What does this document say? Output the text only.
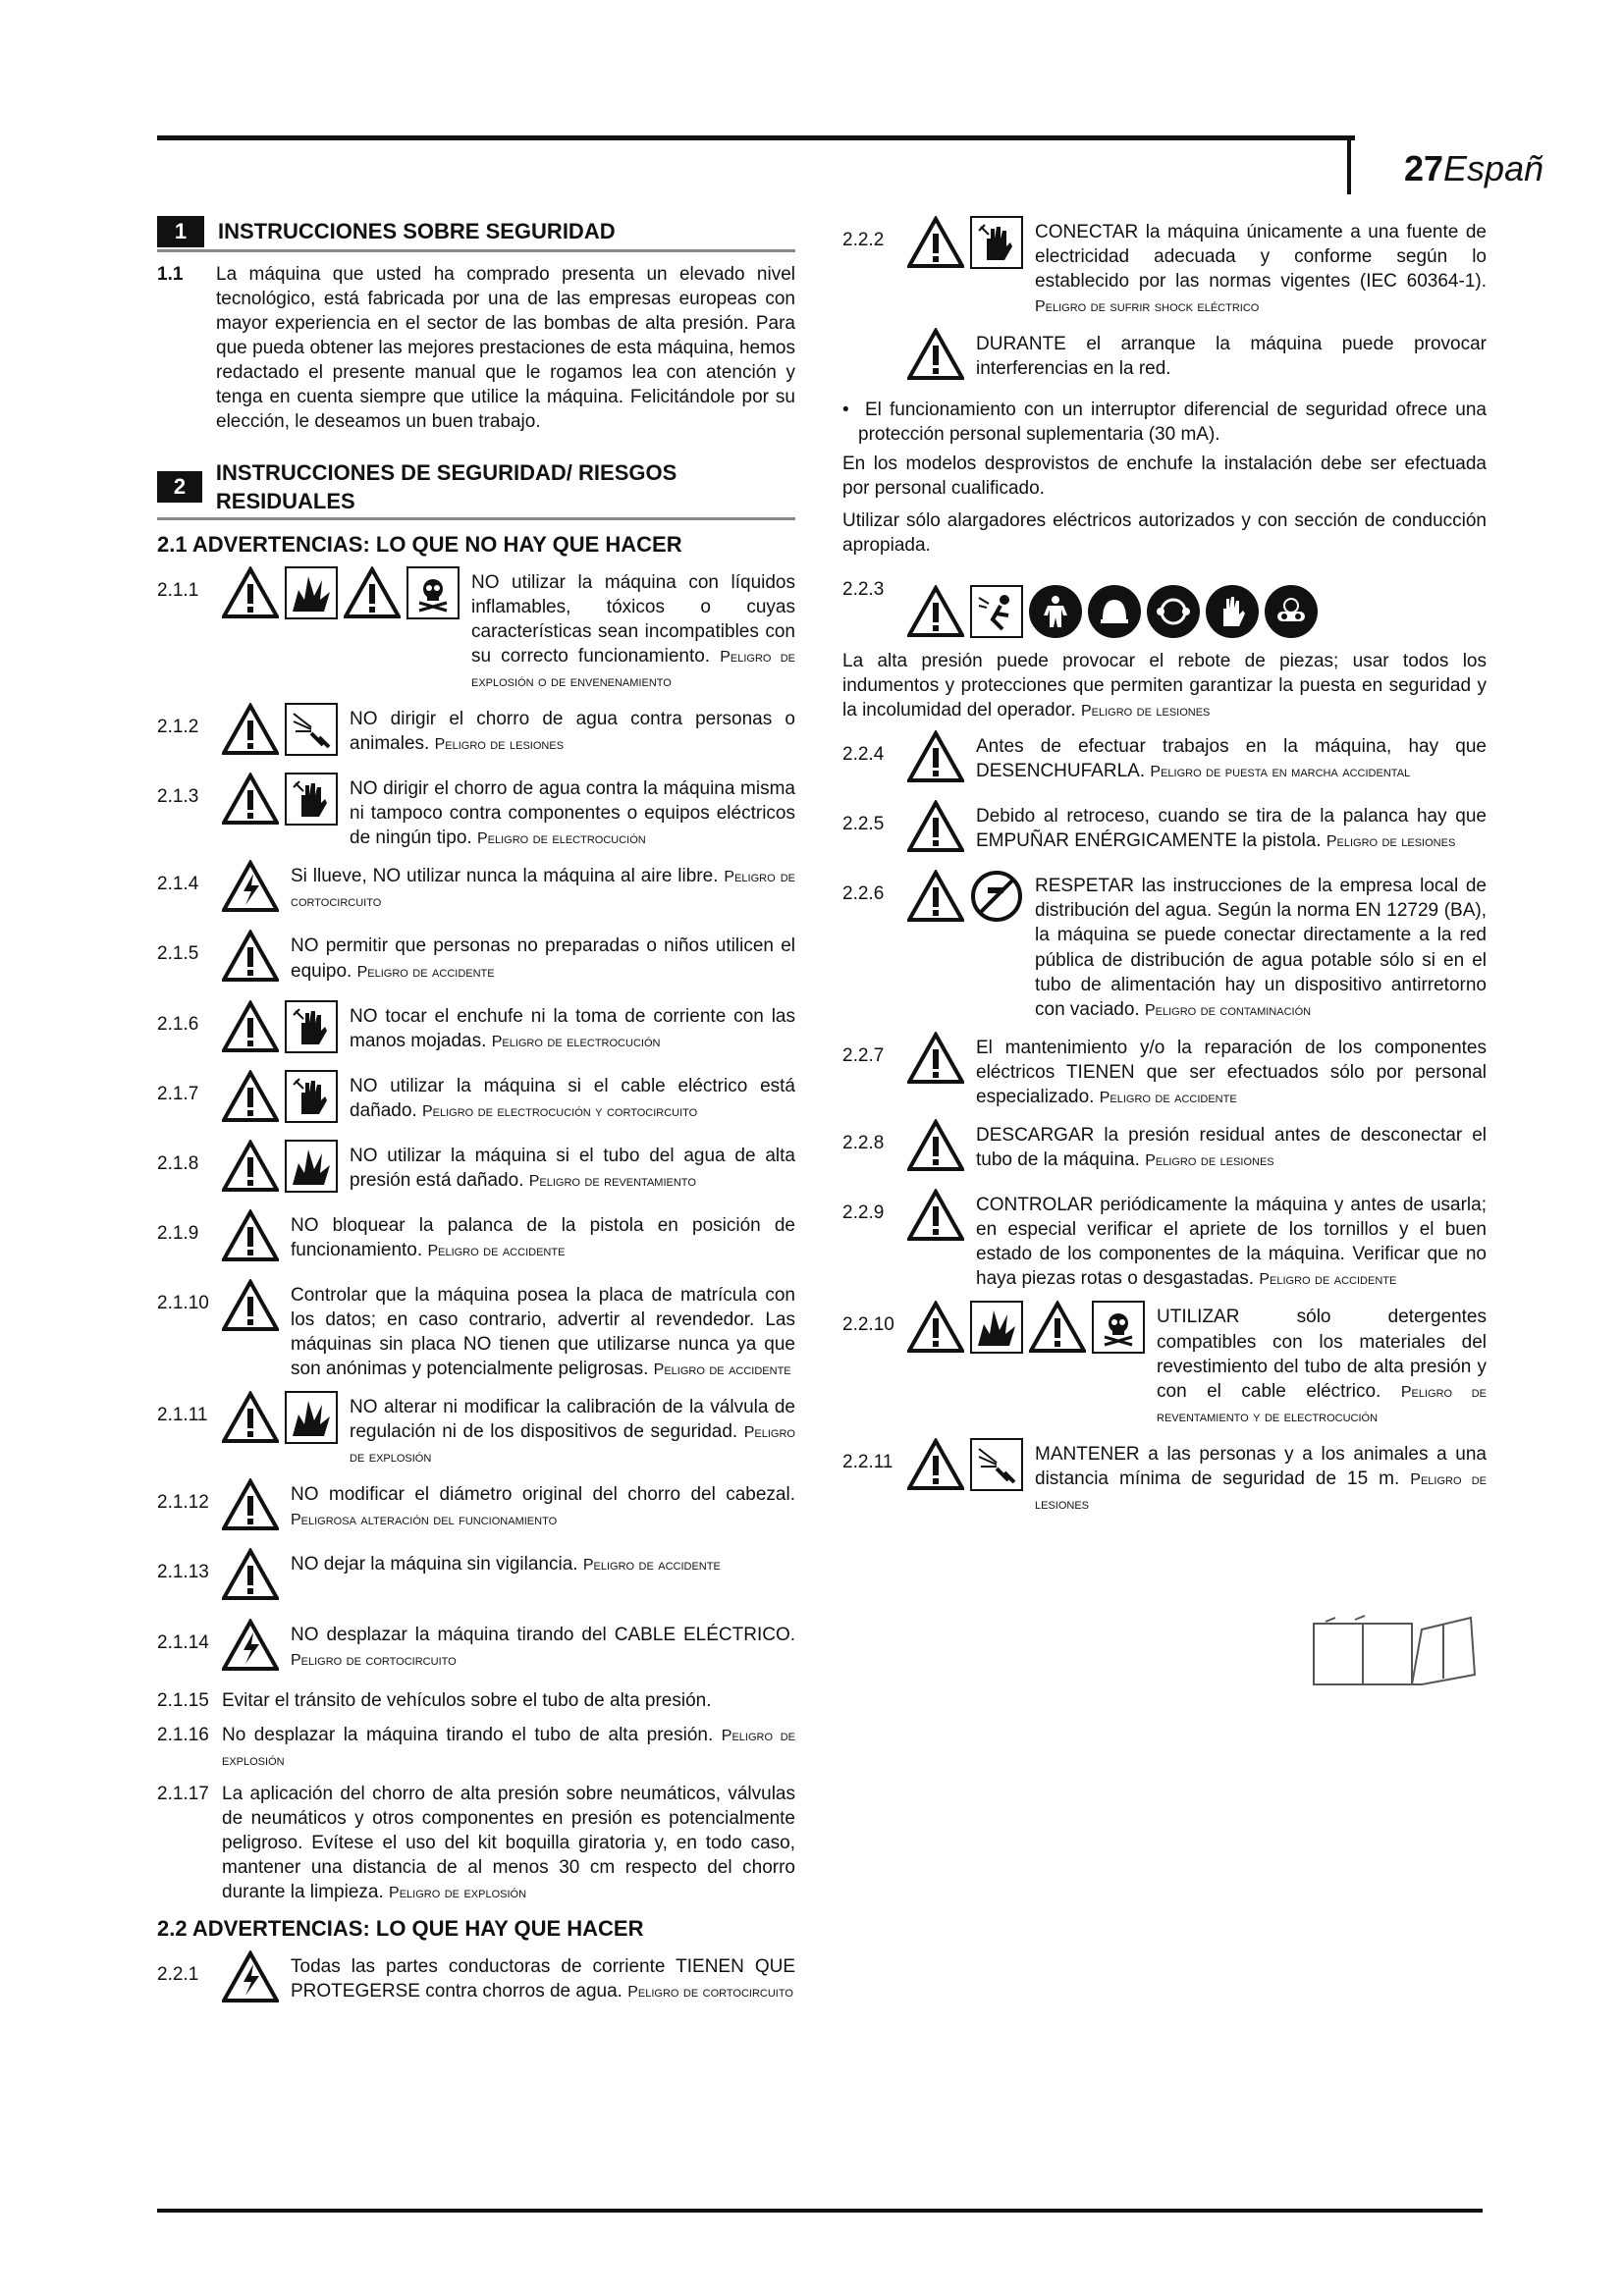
27Españ
1	INSTRUCCIONES SOBRE SEGURIDAD
1.1	La máquina que usted ha comprado presenta un elevado nivel tecnológico, está fabricada por una de las empresas europeas con mayor experiencia en el sector de las bombas de alta presión. Para que pueda obtener las mejores prestaciones de esta máquina, hemos redactado el presente manual que le rogamos lea con atención y tenga en cuenta siempre que utilice la máquina. Felicitándole por su elección, le deseamos un buen trabajo.
2
INSTRUCCIONES DE SEGURIDAD/ RIESGOS RESIDUALES
2.1 ADVERTENCIAS: LO QUE NO HAY QUE HACER
2.1.1	NO utilizar la máquina con líquidos inflamables, tóxicos o cuyas características sean incompatibles con su correcto funcionamiento. Peligro de explosión o de envenenamiento
2.1.2	NO dirigir el chorro de agua contra personas o animales. Peligro de lesiones
2.1.3	NO dirigir el chorro de agua contra la máquina misma ni tampoco contra componentes o equipos eléctricos de ningún tipo. Peligro de electrocución
2.1.4	Si llueve, NO utilizar nunca la máquina al aire libre. Peligro de cortocircuito
2.1.5	NO permitir que personas no preparadas o niños utilicen el equipo. Peligro de accidente
2.1.6	NO tocar el enchufe ni la toma de corriente con las manos mojadas. Peligro de electrocución
2.1.7	NO utilizar la máquina si el cable eléctrico está dañado. Peligro de electrocución y cortocircuito
2.1.8	NO utilizar la máquina si el tubo del agua de alta presión está dañado. Peligro de reventamiento
2.1.9	NO bloquear la palanca de la pistola en posición de funcionamiento. Peligro de accidente
2.1.10	Controlar que la máquina posea la placa de matrícula con los datos; en caso contrario, advertir al revendedor. Las máquinas sin placa NO tienen que utilizarse nunca ya que son anónimas y potencialmente peligrosas. Peligro de accidente
2.1.11	NO alterar ni modificar la calibración de la válvula de regulación ni de los dispositivos de seguridad. Peligro de explosión
2.1.12	NO modificar el diámetro original del chorro del cabezal. Peligrosa alteración del funcionamiento
2.1.13	NO dejar la máquina sin vigilancia. Peligro de accidente
2.1.14	NO desplazar la máquina tirando del CABLE ELÉCTRICO. Peligro de cortocircuito
2.1.15 Evitar el tránsito de vehículos sobre el tubo de alta presión.
2.1.16 No desplazar la máquina tirando el tubo de alta presión. Peligro de explosión
2.1.17 La aplicación del chorro de alta presión sobre neumáticos, válvulas de neumáticos y otros componentes en presión es potencialmente peligroso. Evítese el uso del kit boquilla giratoria y, en todo caso, mantener una distancia de al menos 30 cm respecto del chorro durante la limpieza. Peligro de explosión
2.2 ADVERTENCIAS: LO QUE HAY QUE HACER
2.2.1	Todas las partes conductoras de corriente TIENEN QUE PROTEGERSE contra chorros de agua. Peligro de cortocircuito
2.2.2	CONECTAR la máquina únicamente a una fuente de electricidad adecuada y conforme según lo establecido por las normas vigentes (IEC 60364-1). Peligro de sufrir shock eléctrico
DURANTE el arranque la máquina puede provocar interferencias en la red.
•  El funcionamiento con un interruptor diferencial de seguridad ofrece una protección personal suplementaria (30 mA).
En los modelos desprovistos de enchufe la instalación debe ser efectuada por personal cualificado.
Utilizar sólo alargadores eléctricos autorizados y con sección de conducción apropiada.
2.2.3
La alta presión puede provocar el rebote de piezas; usar todos los indumentos y protecciones que permiten garantizar la puesta en seguridad y la incolumidad del operador. Peligro de lesiones
2.2.4	Antes de efectuar trabajos en la máquina, hay que DESENCHUFARLA. Peligro de puesta en marcha accidental
2.2.5	Debido al retroceso, cuando se tira de la palanca hay que EMPUÑAR ENÉRGICAMENTE la pistola. Peligro de lesiones
2.2.6	RESPETAR las instrucciones de la empresa local de distribución del agua. Según la norma EN 12729 (BA), la máquina se puede conectar directamente a la red pública de distribución de agua potable sólo si en el tubo de alimentación hay un dispositivo antirretorno con vaciado. Peligro de contaminación
2.2.7	El mantenimiento y/o la reparación de los componentes eléctricos TIENEN que ser efectuados sólo por personal especializado. Peligro de accidente
2.2.8	DESCARGAR la presión residual antes de desconectar el tubo de la máquina. Peligro de lesiones
2.2.9	CONTROLAR periódicamente la máquina y antes de usarla; en especial verificar el apriete de los tornillos y el buen estado de los componentes de la máquina. Verificar que no haya piezas rotas o desgastadas. Peligro de accidente
2.2.10	UTILIZAR sólo detergentes compatibles con los materiales del revestimiento del tubo de alta presión y con el cable eléctrico. Peligro de reventamiento y de electrocución
2.2.11	MANTENER a las personas y a los animales a una distancia mínima de seguridad de 15 m. Peligro de lesiones
